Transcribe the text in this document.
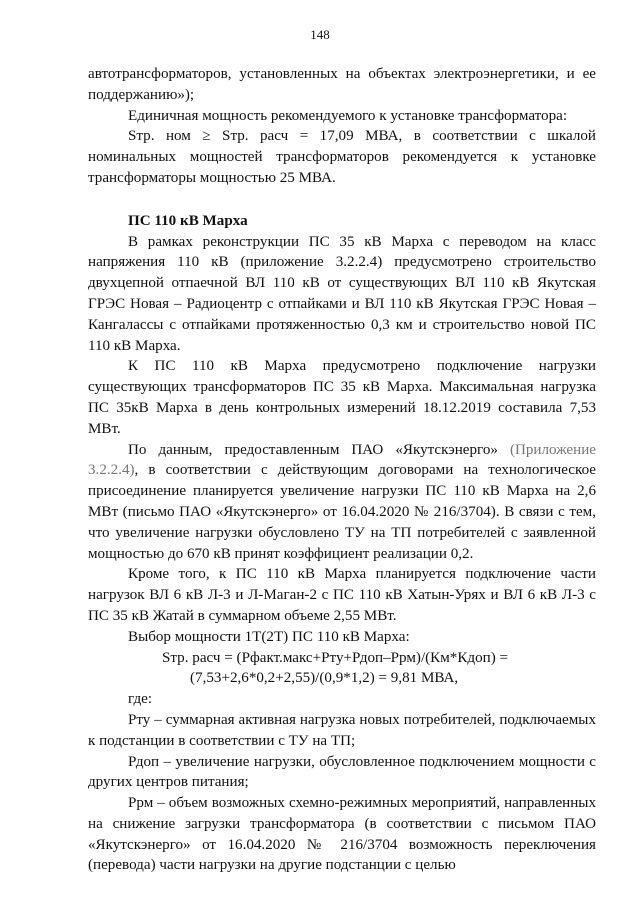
148

автотрансформаторов, установленных на объектах электроэнергетики, и ее поддержанию»);

Единичная мощность рекомендуемого к установке трансформатора:

Sтр. ном ≥ Sтр. расч = 17,09 МВА, в соответствии с шкалой номинальных мощностей трансформаторов рекомендуется к установке трансформаторы мощностью 25 МВА.

ПС 110 кВ Марха

В рамках реконструкции ПС 35 кВ Марха с переводом на класс напряжения 110 кВ (приложение 3.2.2.4) предусмотрено строительство двухцепной отпаечной ВЛ 110 кВ от существующих ВЛ 110 кВ Якутская ГРЭС Новая – Радиоцентр с отпайками и ВЛ 110 кВ Якутская ГРЭС Новая – Кангалассы с отпайками протяженностью 0,3 км и строительство новой ПС 110 кВ Марха.

К ПС 110 кВ Марха предусмотрено подключение нагрузки существующих трансформаторов ПС 35 кВ Марха. Максимальная нагрузка ПС 35кВ Марха в день контрольных измерений 18.12.2019 составила 7,53 МВт.

По данным, предоставленным ПАО «Якутскэнерго» (Приложение 3.2.2.4), в соответствии с действующим договорами на технологическое присоединение планируется увеличение нагрузки ПС 110 кВ Марха на 2,6 МВт (письмо ПАО «Якутскэнерго» от 16.04.2020 № 216/3704). В связи с тем, что увеличение нагрузки обусловлено ТУ на ТП потребителей с заявленной мощностью до 670 кВ принят коэффициент реализации 0,2.

Кроме того, к ПС 110 кВ Марха планируется подключение части нагрузок ВЛ 6 кВ Л-3 и Л-Маган-2 с ПС 110 кВ Хатын-Урях и ВЛ 6 кВ Л-3 с ПС 35 кВ Жатай в суммарном объеме 2,55 МВт.

Выбор мощности 1Т(2Т) ПС 110 кВ Марха:

Sтр. расч = (Рфакт.макс+Рту+Рдоп–Ррм)/(Км*Кдоп) =

(7,53+2,6*0,2+2,55)/(0,9*1,2) = 9,81 МВА,

где:

Рту – суммарная активная нагрузка новых потребителей, подключаемых к подстанции в соответствии с ТУ на ТП;

Рдоп – увеличение нагрузки, обусловленное подключением мощности с других центров питания;

Ррм – объем возможных схемно-режимных мероприятий, направленных на снижение загрузки трансформатора (в соответствии с письмом ПАО «Якутскэнерго» от 16.04.2020 № 216/3704 возможность переключения (перевода) части нагрузки на другие подстанции с целью
